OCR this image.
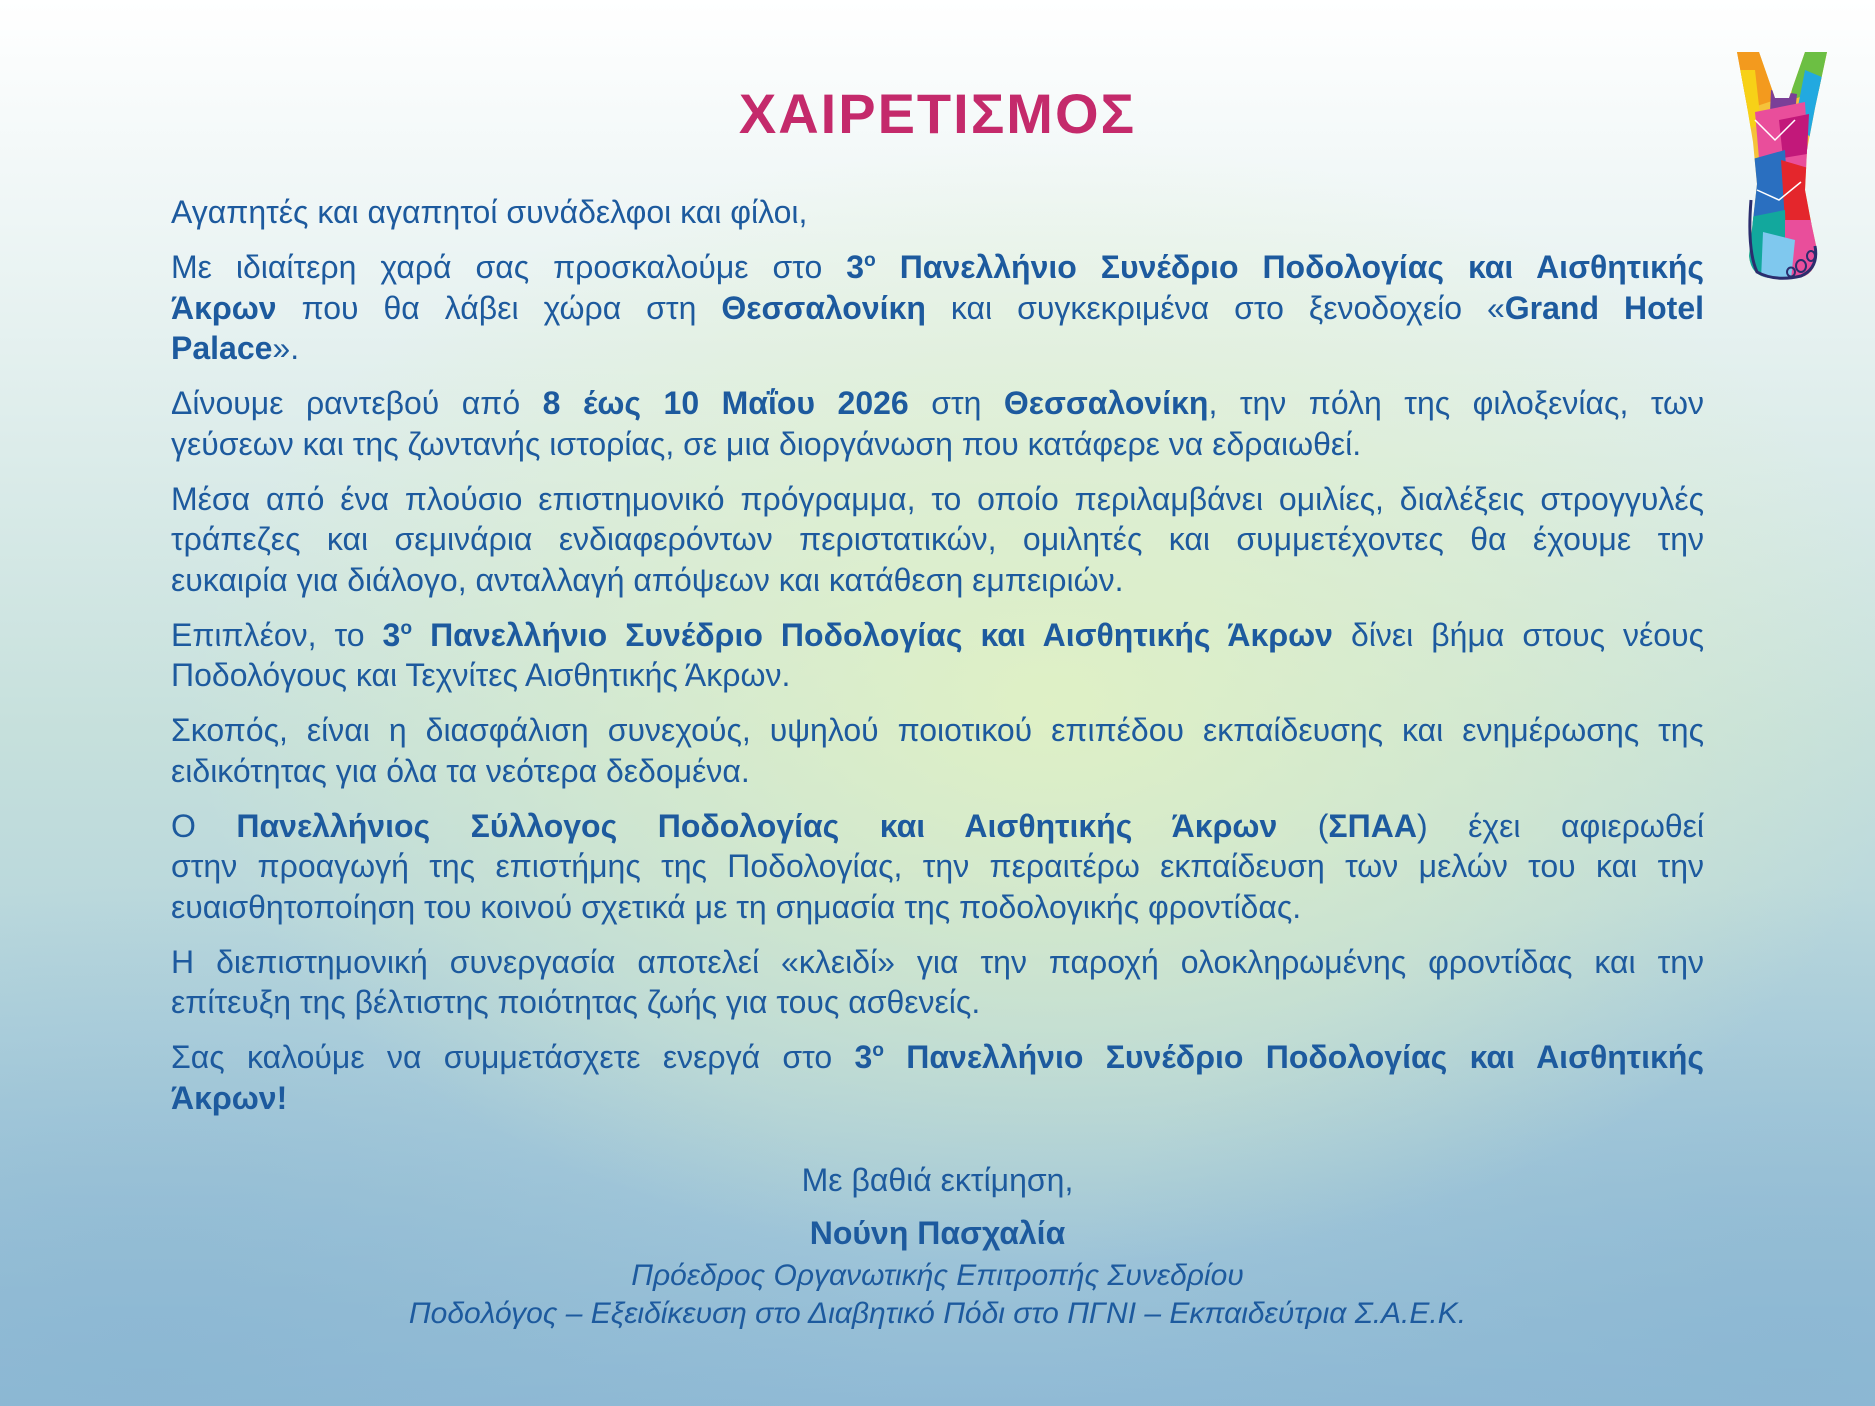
ΧΑΙΡΕΤΙΣΜΟΣ
Αγαπητές και αγαπητοί συνάδελφοι και φίλοι,
Με ιδιαίτερη χαρά σας προσκαλούμε στο $3^o$ Πανελλήνιο Συνέδριο Ποδολογίας και Αισθητικής
Άκρων που θα λάβει χώρα στη Θεσσαλονίκη και συγκεκριμένα στο ξενοδοχείο «Grand Hotel
Palace».
Δίνουμε ραντεβού από 8 έως 10 Μαΐου 2026 στη Θεσσαλονίκη, την πόλη της φιλοξενίας, των
γεύσεων και της ζωντανής ιστορίας, σε μια διοργάνωση που κατάφερε να εδραιωθεί.
Μέσα από ένα πλούσιο επιστημονικό πρόγραμμα, το οποίο περιλαμβάνει ομιλίες, διαλέξεις στρογγυλές
τράπεζες και σεμινάρια ενδιαφερόντων περιστατικών, ομιλητές και συμμετέχοντες θα έχουμε την
ευκαιρία για διάλογο, ανταλλαγή απόψεων και κατάθεση εμπειριών.
Επιπλέον, το $3^o$ Πανελλήνιο Συνέδριο Ποδολογίας και Αισθητικής Άκρων δίνει βήμα στους νέους
Ποδολόγους και Τεχνίτες Αισθητικής Άκρων.
Σκοπός, είναι η διασφάλιση συνεχούς, υψηλού ποιοτικού επιπέδου εκπαίδευσης και ενημέρωσης της
ειδικότητας για όλα τα νεότερα δεδομένα.
Ο Πανελλήνιος Σύλλογος Ποδολογίας και Αισθητικής Άκρων (ΣΠΑΑ) έχει αφιερωθεί
στην προαγωγή της επιστήμης της Ποδολογίας, την περαιτέρω εκπαίδευση των μελών του και την
ευαισθητοποίηση του κοινού σχετικά με τη σημασία της ποδολογικής φροντίδας.
Η διεπιστημονική συνεργασία αποτελεί «κλειδί» για την παροχή ολοκληρωμένης φροντίδας και την
επίτευξη της βέλτιστης ποιότητας ζωής για τους ασθενείς.
Σας καλούμε να συμμετάσχετε ενεργά στο $3^o$ Πανελλήνιο Συνέδριο Ποδολογίας και Αισθητικής
Άκρων!
Με βαθιά εκτίμηση,
Νούνη Πασχαλία
Πρόεδρος Οργανωτικής Επιτροπής Συνεδρίου
Ποδολόγος – Εξειδίκευση στο Διαβητικό Πόδι στο ΠΓΝΙ – Εκπαιδεύτρια Σ.Α.Ε.Κ.
